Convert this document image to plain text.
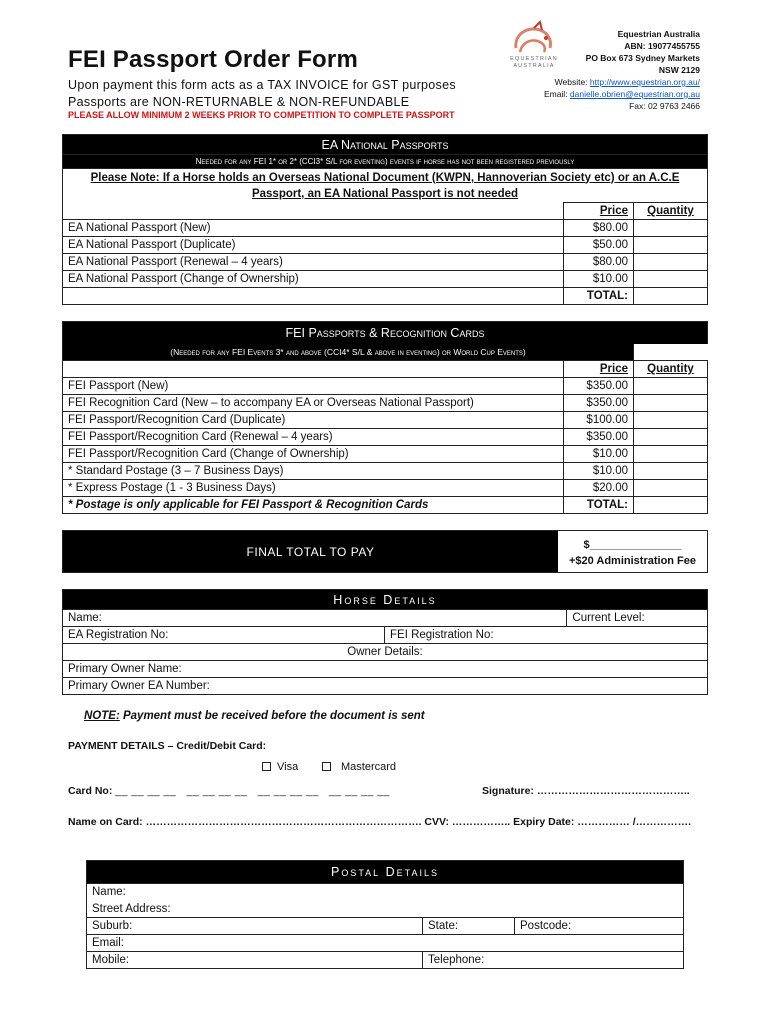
FEI Passport Order Form
Upon payment this form acts as a TAX INVOICE for GST purposes
Passports are NON-RETURNABLE & NON-REFUNDABLE
PLEASE ALLOW MINIMUM 2 WEEKS PRIOR TO COMPETITION TO COMPLETE PASSPORT
EQUESTRIAN
AUSTRALIA
Equestrian Australia
ABN: 19077455755
PO Box 673 Sydney Markets
NSW 2129
Website: http://www.equestrian.org.au/
Email: danielle.obrien@equestrian.org.au
Fax: 02 9763 2466
EA National Passports		
Needed for any FEI 1* or 2* (CCI3* S/L for eventing) events if horse has not been registered previously		
Please Note: If a Horse holds an Overseas National Document (KWPN, Hannoverian Society etc) or an A.C.E Passport, an EA National Passport is not needed		
	Price	Quantity
EA National Passport (New)	$80.00	
EA National Passport (Duplicate)	$50.00	
EA National Passport (Renewal – 4 years)	$80.00	
EA National Passport (Change of Ownership)	$10.00	
	TOTAL:	
FEI Passports & Recognition Cards		
(Needed for any FEI Events 3* and above (CCI4* S/L & above in eventing) or World Cup Events)		
	Price	Quantity
FEI Passport (New)	$350.00	
FEI Recognition Card (New – to accompany EA or Overseas National Passport)	$350.00	
FEI Passport/Recognition Card (Duplicate)	$100.00	
FEI Passport/Recognition Card (Renewal – 4 years)	$350.00	
FEI Passport/Recognition Card (Change of Ownership)	$10.00	
* Standard Postage (3 – 7 Business Days)	$10.00	
* Express Postage (1 - 3 Business Days)	$20.00	
* Postage is only applicable for FEI Passport & Recognition Cards	TOTAL:	
FINAL TOTAL TO PAY	$_______________
+$20 Administration Fee
Horse Details		
Name:		Current Level:
EA Registration No:	FEI Registration No:	
Owner Details:		
Primary Owner Name:		
Primary Owner EA Number:		
NOTE: Payment must be received before the document is sent
PAYMENT DETAILS – Credit/Debit Card:
Visa	Mastercard
Card No: __ __ __ __   __ __ __ __   __ __ __ __   __ __ __ __	Signature: ……………………………………..
Name on Card: ……………………………………………………………………. CVV: …………….. Expiry Date: …………… /…………….
Postal Details		
Name:		
Street Address:		
Suburb:	State:	Postcode:
Email:		
Mobile:	Telephone:	
